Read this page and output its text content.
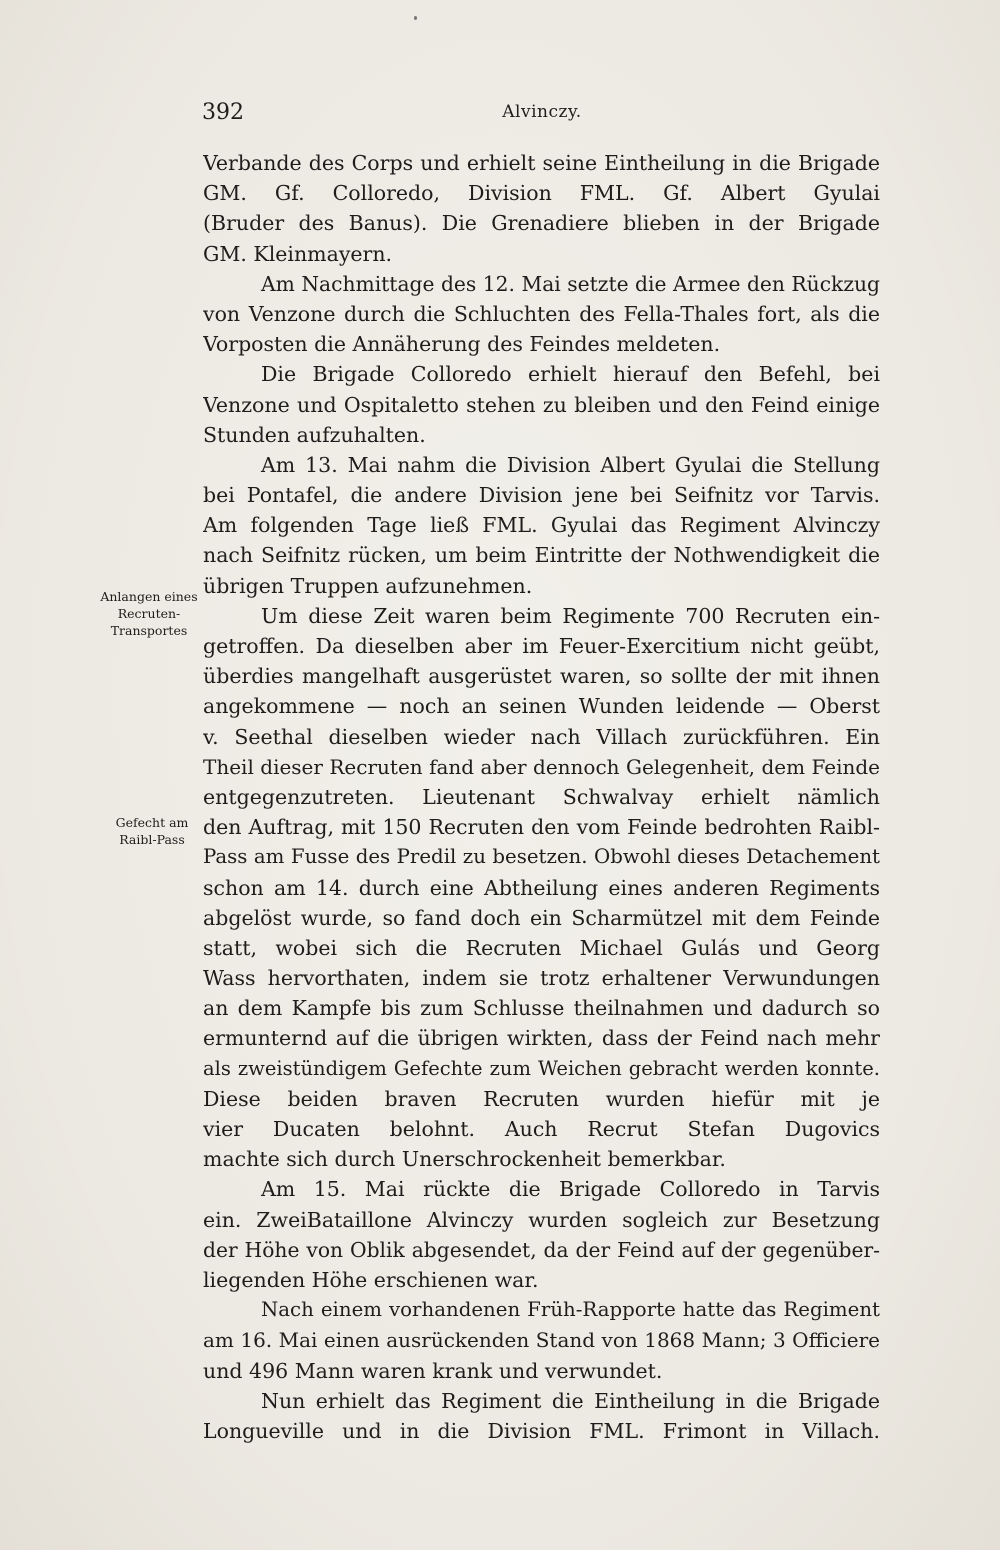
392	Alvinczy.
Anlangen eines Recruten-Transportes
Gefecht am Raibl-Pass
Verbande des Corps und erhielt seine Eintheilung in die Brigade
GM. Gf. Colloredo, Division FML. Gf. Albert Gyulai
(Bruder des Banus). Die Grenadiere blieben in der Brigade
GM. Kleinmayern.
Am Nachmittage des 12. Mai setzte die Armee den Rückzug
von Venzone durch die Schluchten des Fella-Thales fort, als die
Vorposten die Annäherung des Feindes meldeten.
Die Brigade Colloredo erhielt hierauf den Befehl, bei
Venzone und Ospitaletto stehen zu bleiben und den Feind einige
Stunden aufzuhalten.
Am 13. Mai nahm die Division Albert Gyulai die Stellung
bei Pontafel, die andere Division jene bei Seifnitz vor Tarvis.
Am folgenden Tage ließ FML. Gyulai das Regiment Alvinczy
nach Seifnitz rücken, um beim Eintritte der Nothwendigkeit die
übrigen Truppen aufzunehmen.
Um diese Zeit waren beim Regimente 700 Recruten ein-
getroffen. Da dieselben aber im Feuer-Exercitium nicht geübt,
überdies mangelhaft ausgerüstet waren, so sollte der mit ihnen
angekommene — noch an seinen Wunden leidende — Oberst
v. Seethal dieselben wieder nach Villach zurückführen. Ein
Theil dieser Recruten fand aber dennoch Gelegenheit, dem Feinde
entgegenzutreten. Lieutenant Schwalvay erhielt nämlich
den Auftrag, mit 150 Recruten den vom Feinde bedrohten Raibl-
Pass am Fusse des Predil zu besetzen. Obwohl dieses Detachement
schon am 14. durch eine Abtheilung eines anderen Regiments
abgelöst wurde, so fand doch ein Scharmützel mit dem Feinde
statt, wobei sich die Recruten Michael Gulás und Georg
Wass hervorthaten, indem sie trotz erhaltener Verwundungen
an dem Kampfe bis zum Schlusse theilnahmen und dadurch so
ermunternd auf die übrigen wirkten, dass der Feind nach mehr
als zweistündigem Gefechte zum Weichen gebracht werden konnte.
Diese beiden braven Recruten wurden hiefür mit je
vier Ducaten belohnt. Auch Recrut Stefan Dugovics
machte sich durch Unerschrockenheit bemerkbar.
Am 15. Mai rückte die Brigade Colloredo in Tarvis
ein. ZweiBataillone Alvinczy wurden sogleich zur Besetzung
der Höhe von Oblik abgesendet, da der Feind auf der gegenüber-
liegenden Höhe erschienen war.
Nach einem vorhandenen Früh-Rapporte hatte das Regiment
am 16. Mai einen ausrückenden Stand von 1868 Mann; 3 Officiere
und 496 Mann waren krank und verwundet.
Nun erhielt das Regiment die Eintheilung in die Brigade
Longueville und in die Division FML. Frimont in Villach.
